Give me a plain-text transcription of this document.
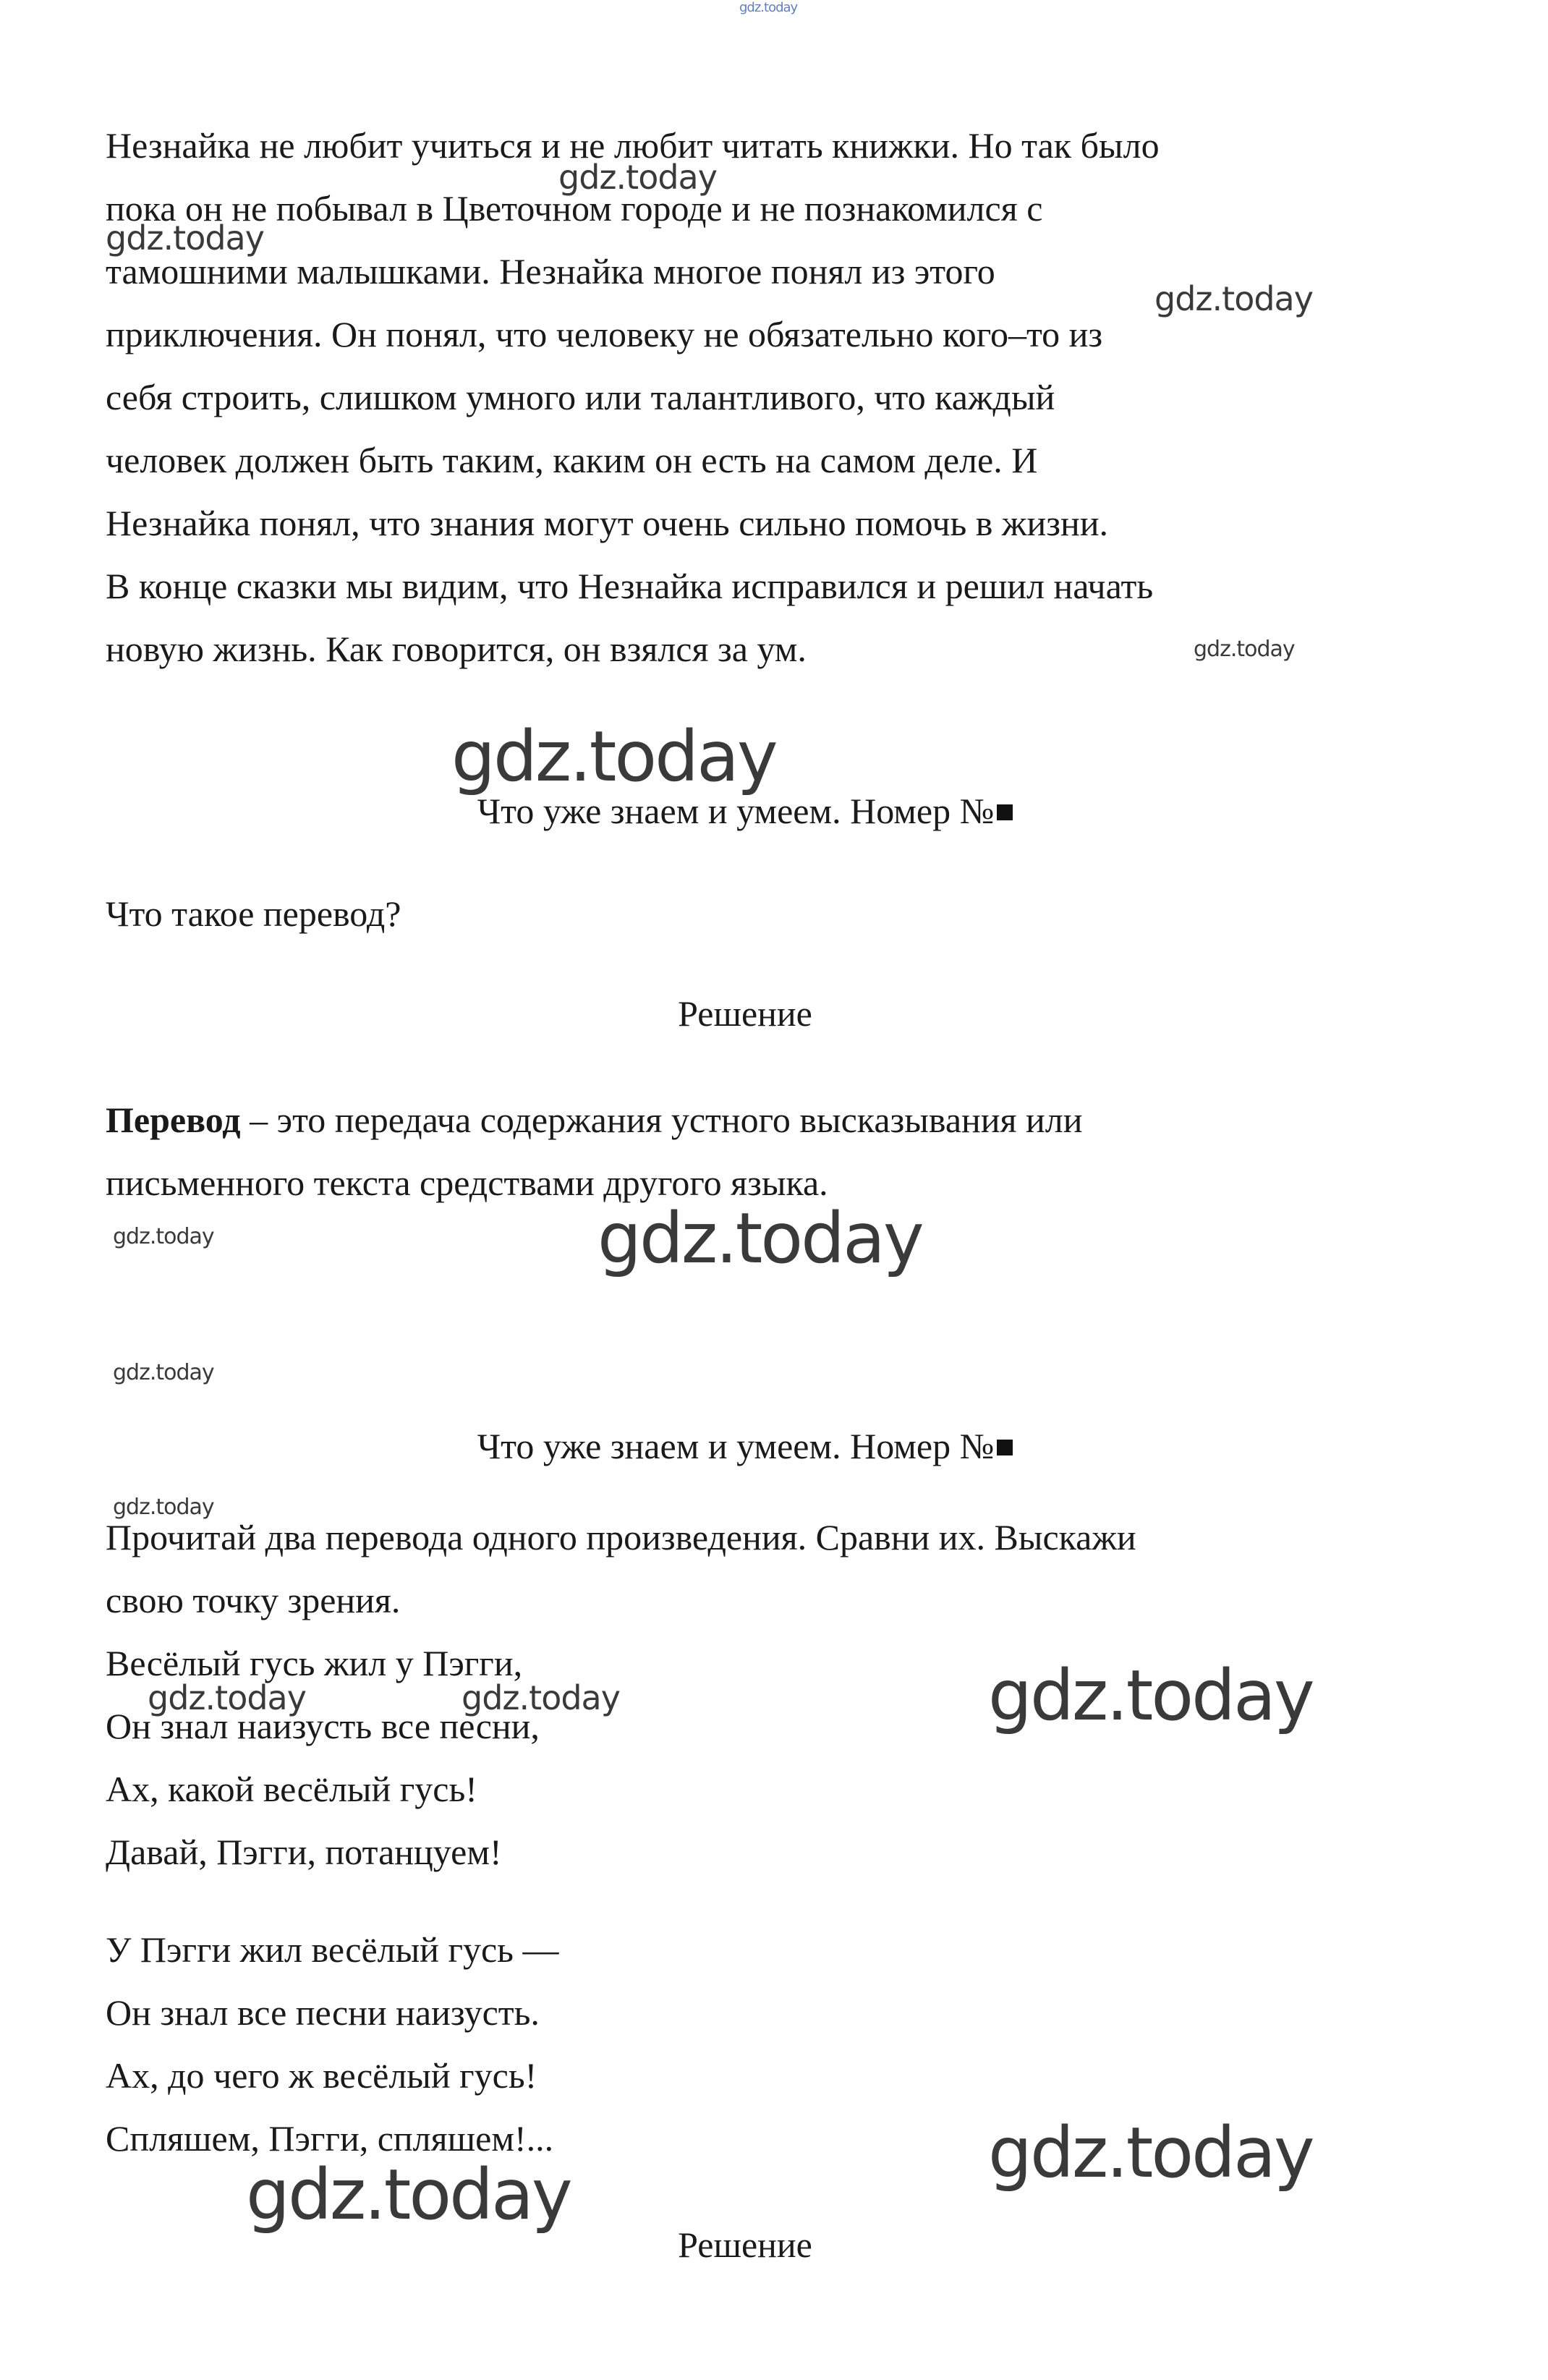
gdz.today
Незнайка не любит учиться и не любит читать книжки. Но так было
пока он не побывал в Цветочном городе и не познакомился с
тамошними малышками. Незнайка многое понял из этого
приключения. Он понял, что человеку не обязательно кого–то из
себя строить, слишком умного или талантливого, что каждый
человек должен быть таким, каким он есть на самом деле. И
Незнайка понял, что знания могут очень сильно помочь в жизни.
В конце сказки мы видим, что Незнайка исправился и решил начать
новую жизнь. Как говорится, он взялся за ум.
gdz.today
gdz.today
gdz.today
gdz.today
gdz.today

Что уже знаем и умеем. Номер №

Что такое перевод?

Решение

Перевод – это передача содержания устного высказывания или
письменного текста средствами другого языка.
gdz.today	gdz.today
gdz.today

Что уже знаем и умеем. Номер №

gdz.today
Прочитай два перевода одного произведения. Сравни их. Выскажи
свою точку зрения.
Весёлый гусь жил у Пэгги,
Он знал наизусть все песни,
Ах, какой весёлый гусь!
Давай, Пэгги, потанцуем!
gdz.today	gdz.today	gdz.today
У Пэгги жил весёлый гусь —
Он знал все песни наизусть.
Ах, до чего ж весёлый гусь!
Спляшем, Пэгги, спляшем!...	gdz.today
gdz.today

Решение
